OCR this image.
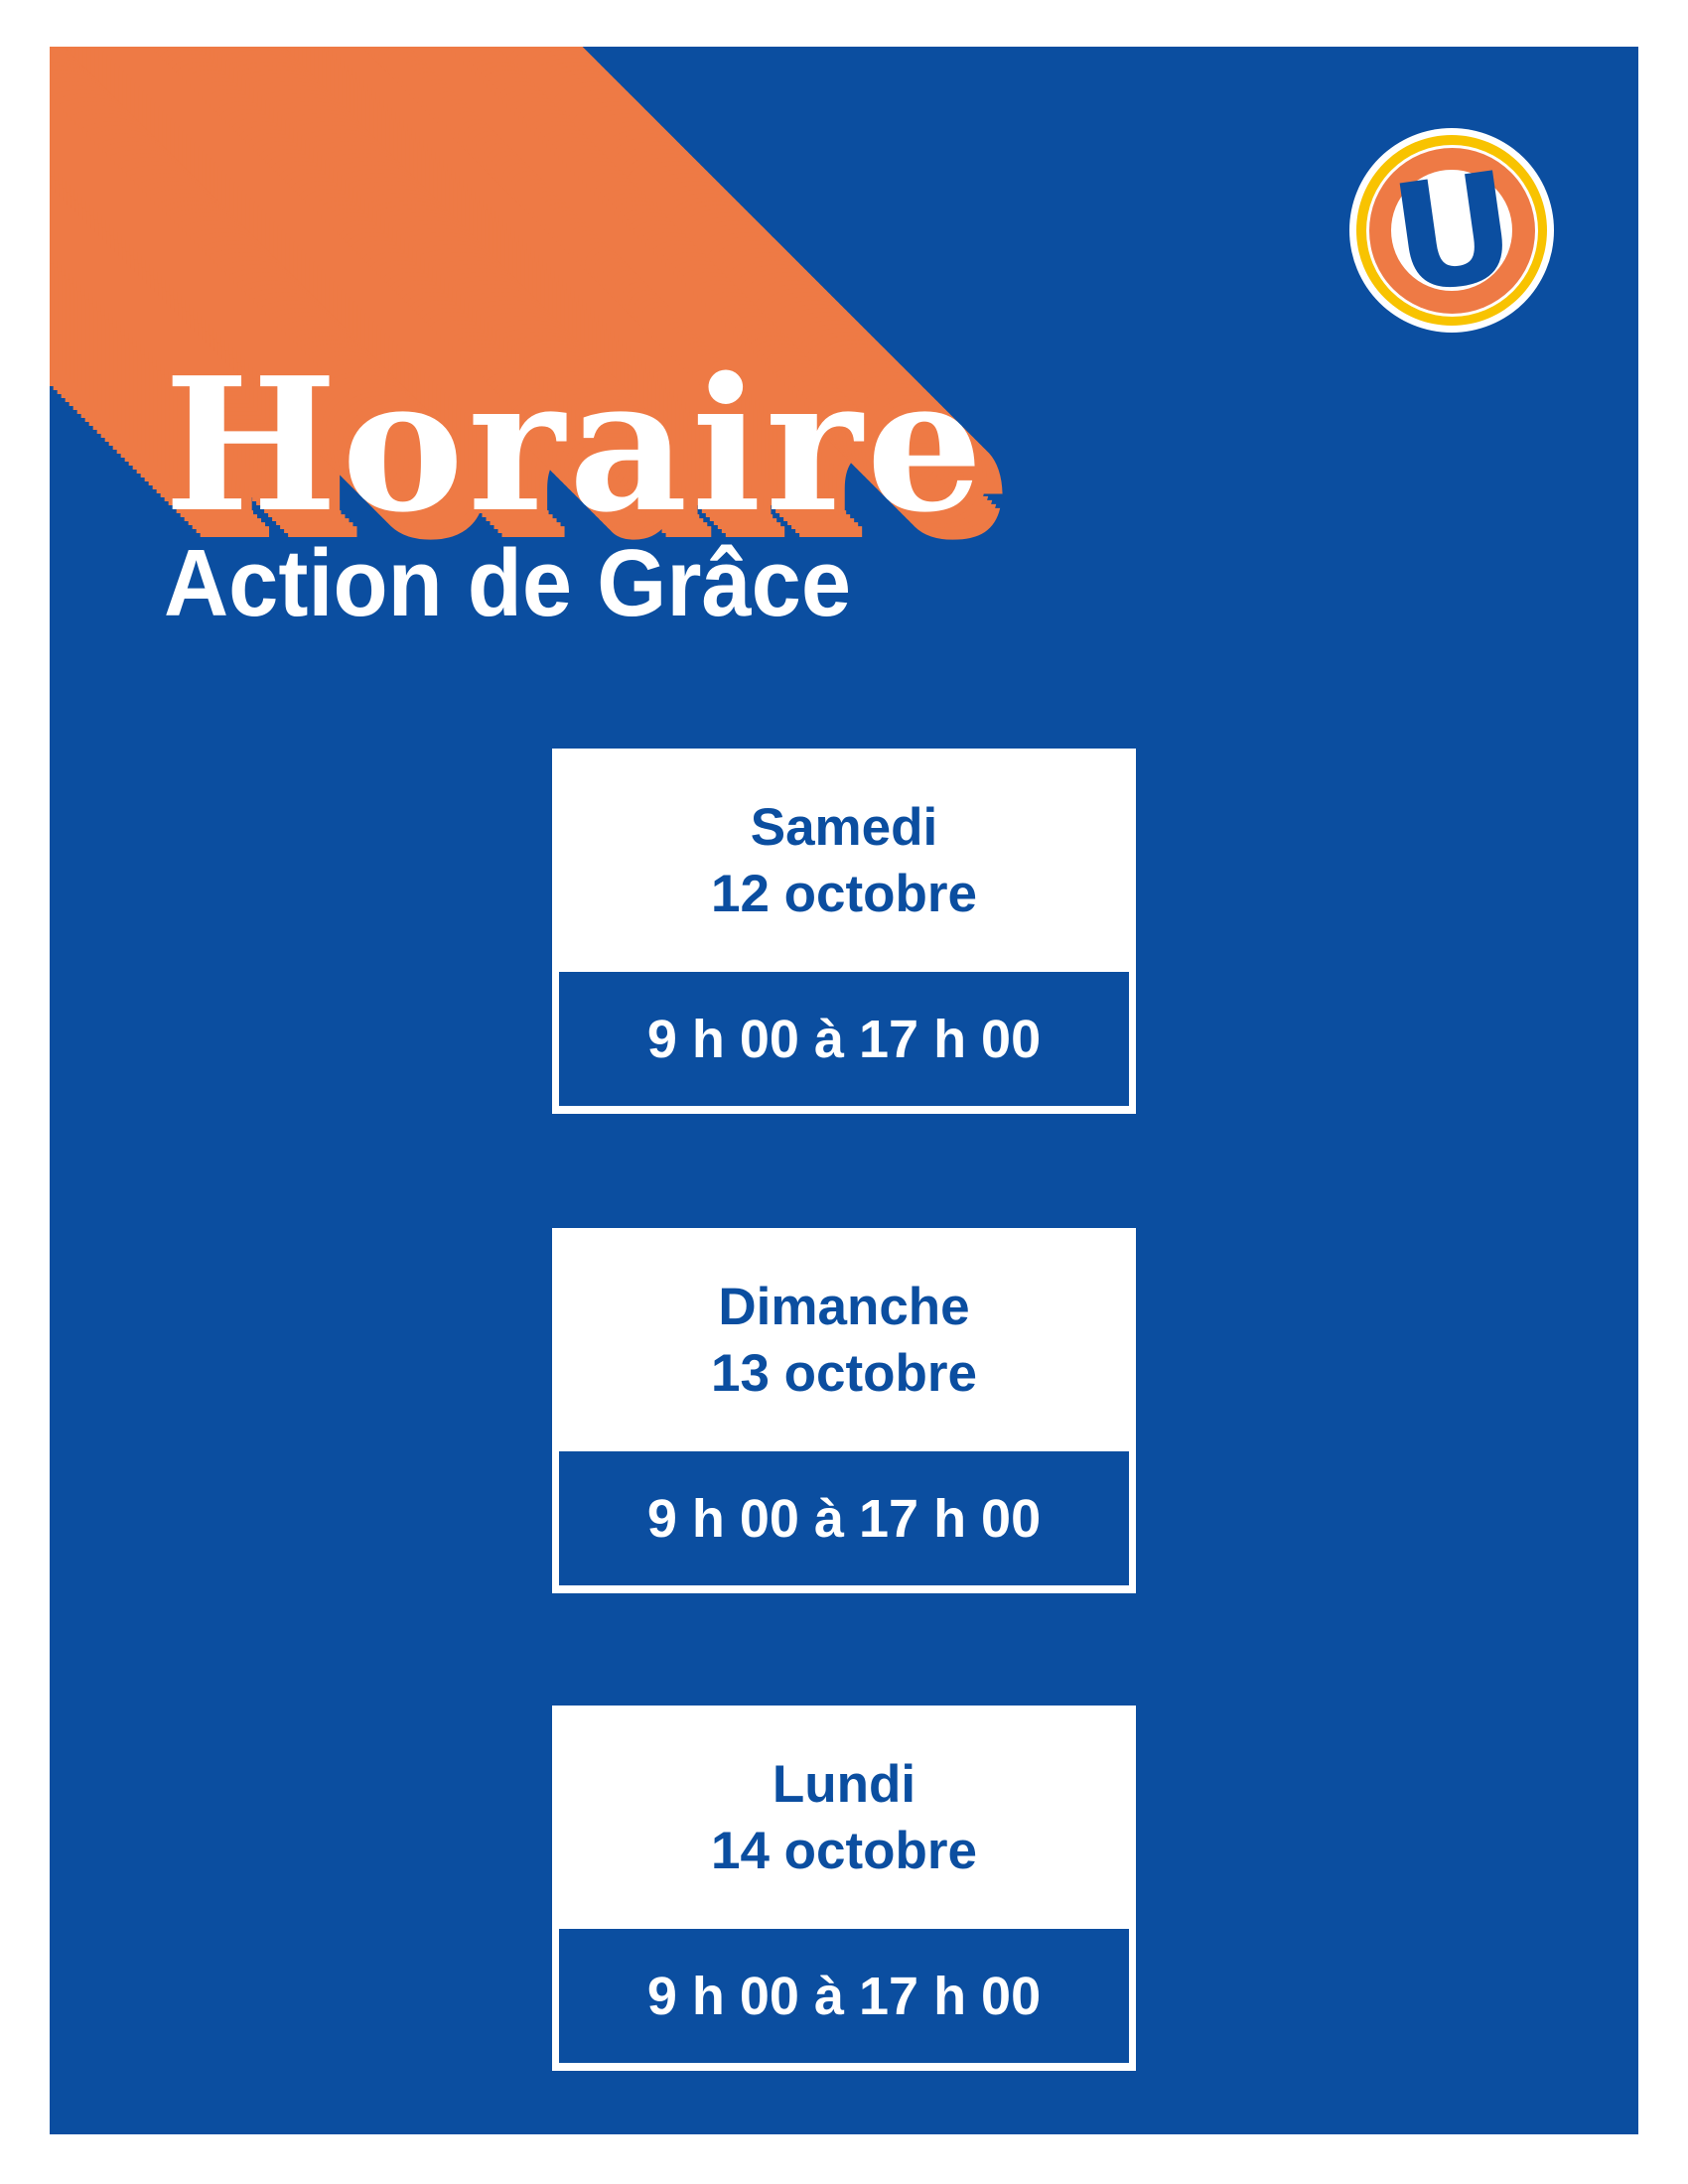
Horaire

Action de Grâce

U
Samedi
12 octobre
9 h 00 à 17 h 00
Dimanche
13 octobre
9 h 00 à 17 h 00
Lundi
14 octobre
9 h 00 à 17 h 00
